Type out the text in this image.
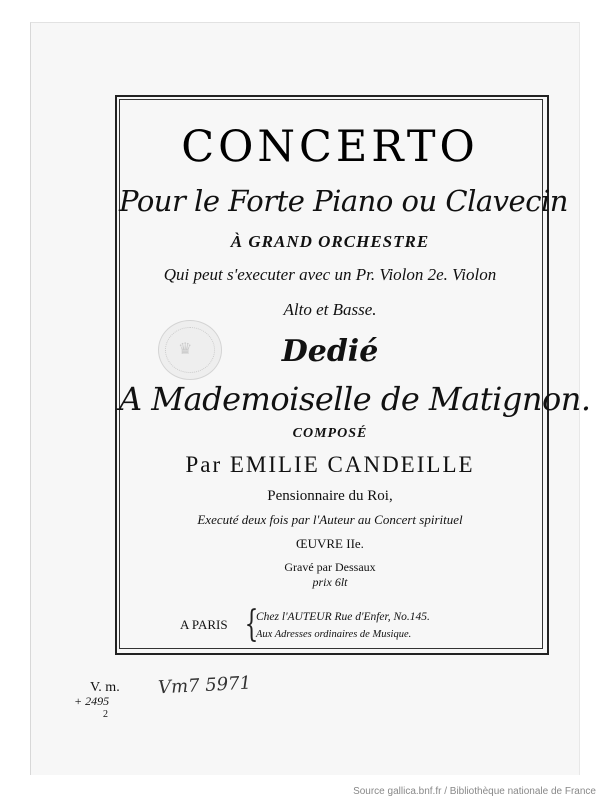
♛
CONCERTO
Pour le Forte Piano ou Clavecin
À GRAND ORCHESTRE
Qui peut s'executer avec un Pr. Violon 2e. Violon
Alto et Basse.
Dedié
A Mademoiselle de Matignon.
COMPOSÉ
Par EMILIE CANDEILLE
Pensionnaire du Roi,
Executé deux fois par l'Auteur au Concert spirituel
ŒUVRE IIe.
Gravé par Dessaux
prix 6lt
A PARIS {
Chez l'AUTEUR Rue d'Enfer, No.145.
Aux Adresses ordinaires de Musique.
V. m.
+ 2495
2
Vm7 5971
Source gallica.bnf.fr / Bibliothèque nationale de France
